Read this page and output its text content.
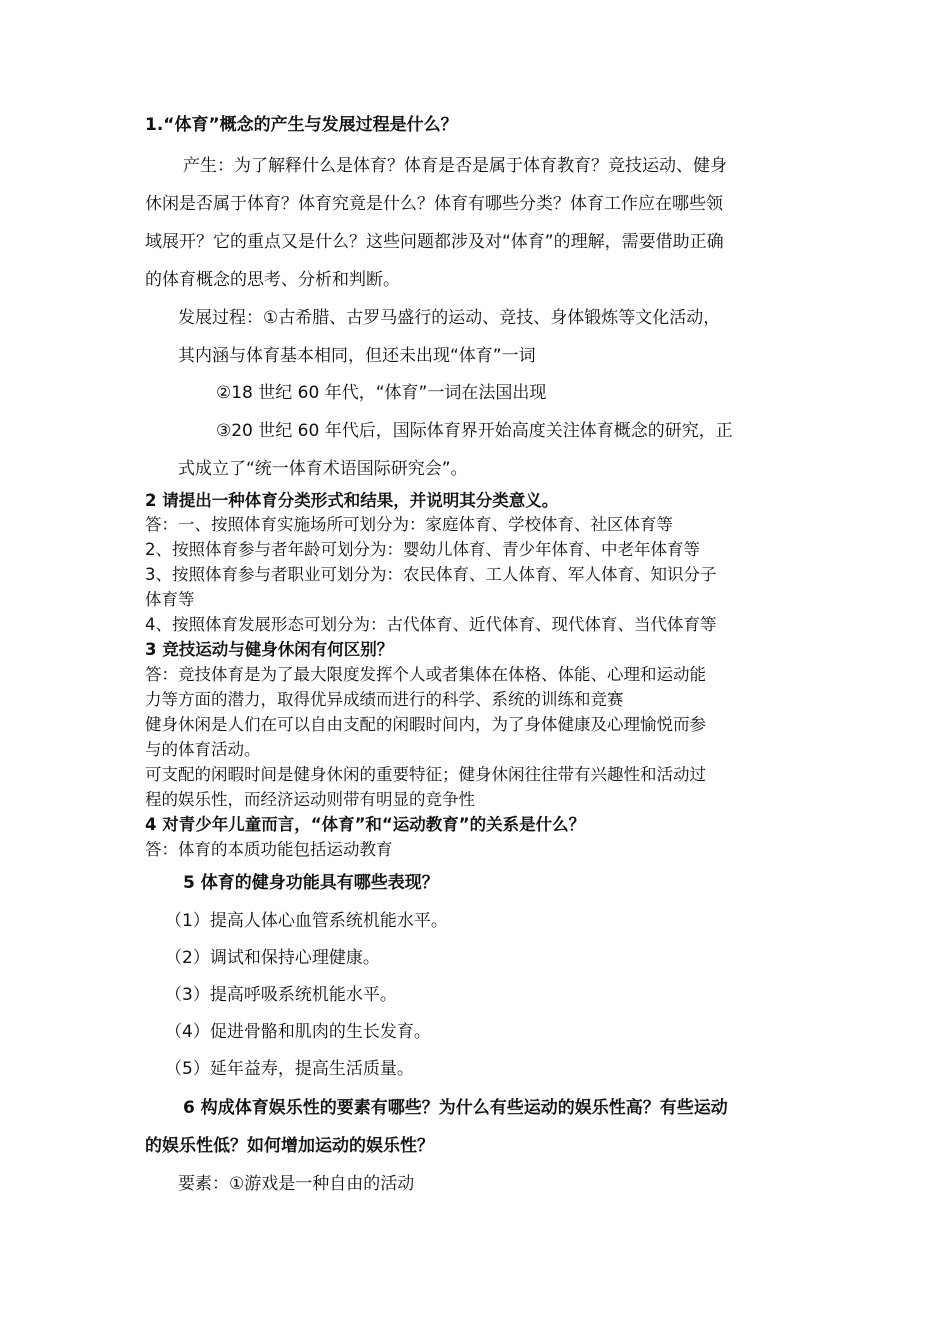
1.“体育”概念的产生与发展过程是什么？
产生：为了解释什么是体育？体育是否是属于体育教育？竞技运动、健身
休闲是否属于体育？体育究竟是什么？体育有哪些分类？体育工作应在哪些领
域展开？它的重点又是什么？这些问题都涉及对“体育”的理解，需要借助正确
的体育概念的思考、分析和判断。
发展过程：①古希腊、古罗马盛行的运动、竞技、身体锻炼等文化活动，
其内涵与体育基本相同，但还未出现“体育”一词
②18 世纪 60 年代，“体育”一词在法国出现
③20 世纪 60 年代后，国际体育界开始高度关注体育概念的研究，正
式成立了“统一体育术语国际研究会”。
2 请提出一种体育分类形式和结果，并说明其分类意义。
答：一、按照体育实施场所可划分为：家庭体育、学校体育、社区体育等
2、按照体育参与者年龄可划分为：婴幼儿体育、青少年体育、中老年体育等
3、按照体育参与者职业可划分为：农民体育、工人体育、军人体育、知识分子
体育等
4、按照体育发展形态可划分为：古代体育、近代体育、现代体育、当代体育等
3 竞技运动与健身休闲有何区别？
答：竞技体育是为了最大限度发挥个人或者集体在体格、体能、心理和运动能
力等方面的潜力，取得优异成绩而进行的科学、系统的训练和竞赛
健身休闲是人们在可以自由支配的闲暇时间内，为了身体健康及心理愉悦而参
与的体育活动。
可支配的闲暇时间是健身休闲的重要特征；健身休闲往往带有兴趣性和活动过
程的娱乐性，而经济运动则带有明显的竞争性
4 对青少年儿童而言，“体育”和“运动教育”的关系是什么？
答：体育的本质功能包括运动教育
5 体育的健身功能具有哪些表现？
（1）提高人体心血管系统机能水平。
（2）调试和保持心理健康。
（3）提高呼吸系统机能水平。
（4）促进骨骼和肌肉的生长发育。
（5）延年益寿，提高生活质量。
6 构成体育娱乐性的要素有哪些？为什么有些运动的娱乐性高？有些运动
的娱乐性低？如何增加运动的娱乐性？
要素：①游戏是一种自由的活动
